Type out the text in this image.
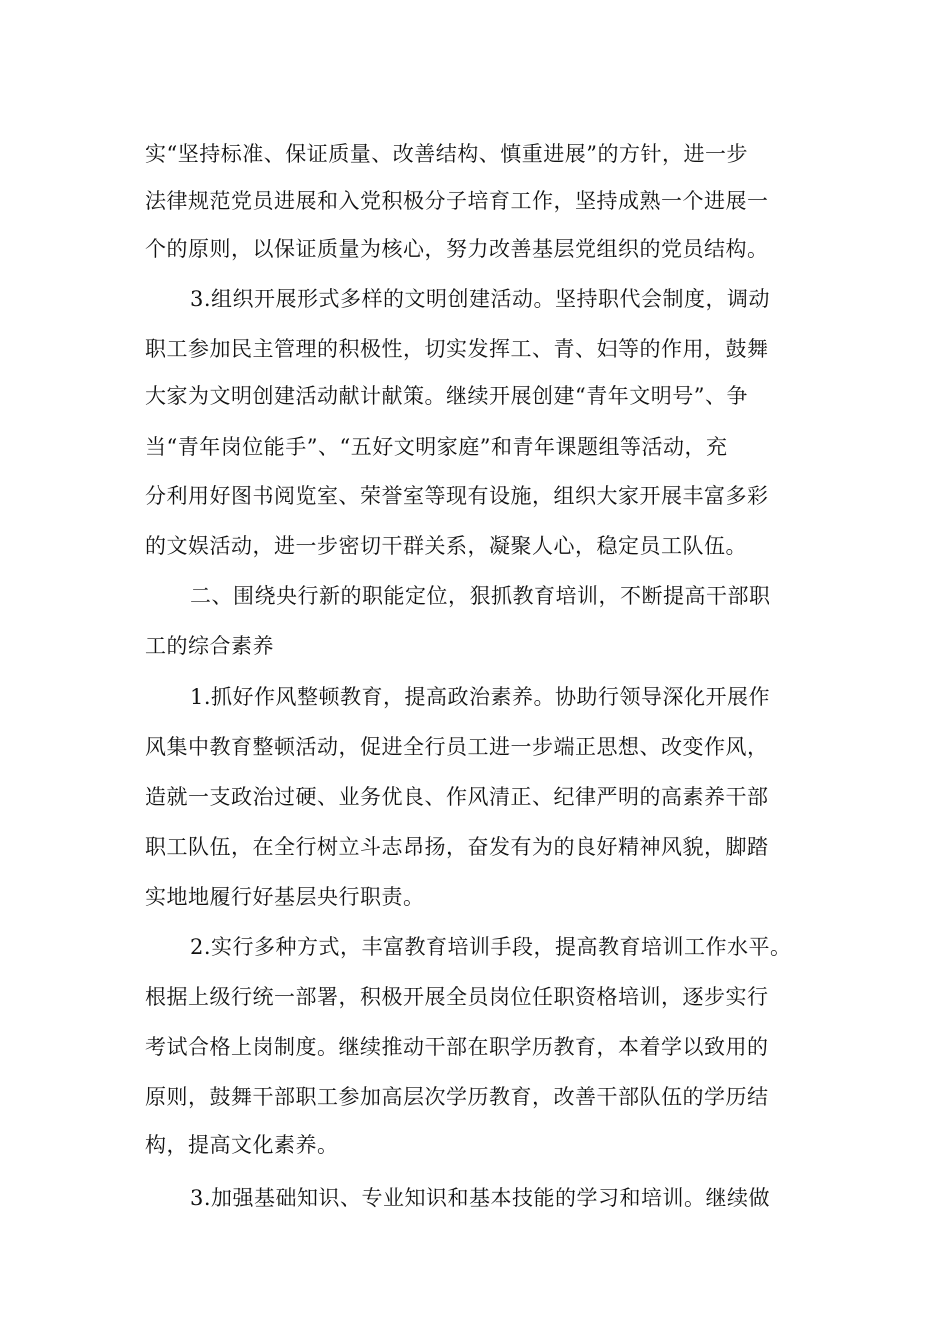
实“坚持标准、保证质量、改善结构、慎重进展”的方针，进一步
法律规范党员进展和入党积极分子培育工作，坚持成熟一个进展一
个的原则，以保证质量为核心，努力改善基层党组织的党员结构。
3.组织开展形式多样的文明创建活动。坚持职代会制度，调动
职工参加民主管理的积极性，切实发挥工、青、妇等的作用，鼓舞
大家为文明创建活动献计献策。继续开展创建“青年文明号”、争
当“青年岗位能手”、“五好文明家庭”和青年课题组等活动，充
分利用好图书阅览室、荣誉室等现有设施，组织大家开展丰富多彩
的文娱活动，进一步密切干群关系，凝聚人心，稳定员工队伍。
二、围绕央行新的职能定位，狠抓教育培训，不断提高干部职
工的综合素养
1.抓好作风整顿教育，提高政治素养。协助行领导深化开展作
风集中教育整顿活动，促进全行员工进一步端正思想、改变作风，
造就一支政治过硬、业务优良、作风清正、纪律严明的高素养干部
职工队伍，在全行树立斗志昂扬，奋发有为的良好精神风貌，脚踏
实地地履行好基层央行职责。
2.实行多种方式，丰富教育培训手段，提高教育培训工作水平。
根据上级行统一部署，积极开展全员岗位任职资格培训，逐步实行
考试合格上岗制度。继续推动干部在职学历教育，本着学以致用的
原则，鼓舞干部职工参加高层次学历教育，改善干部队伍的学历结
构，提高文化素养。
3.加强基础知识、专业知识和基本技能的学习和培训。继续做
